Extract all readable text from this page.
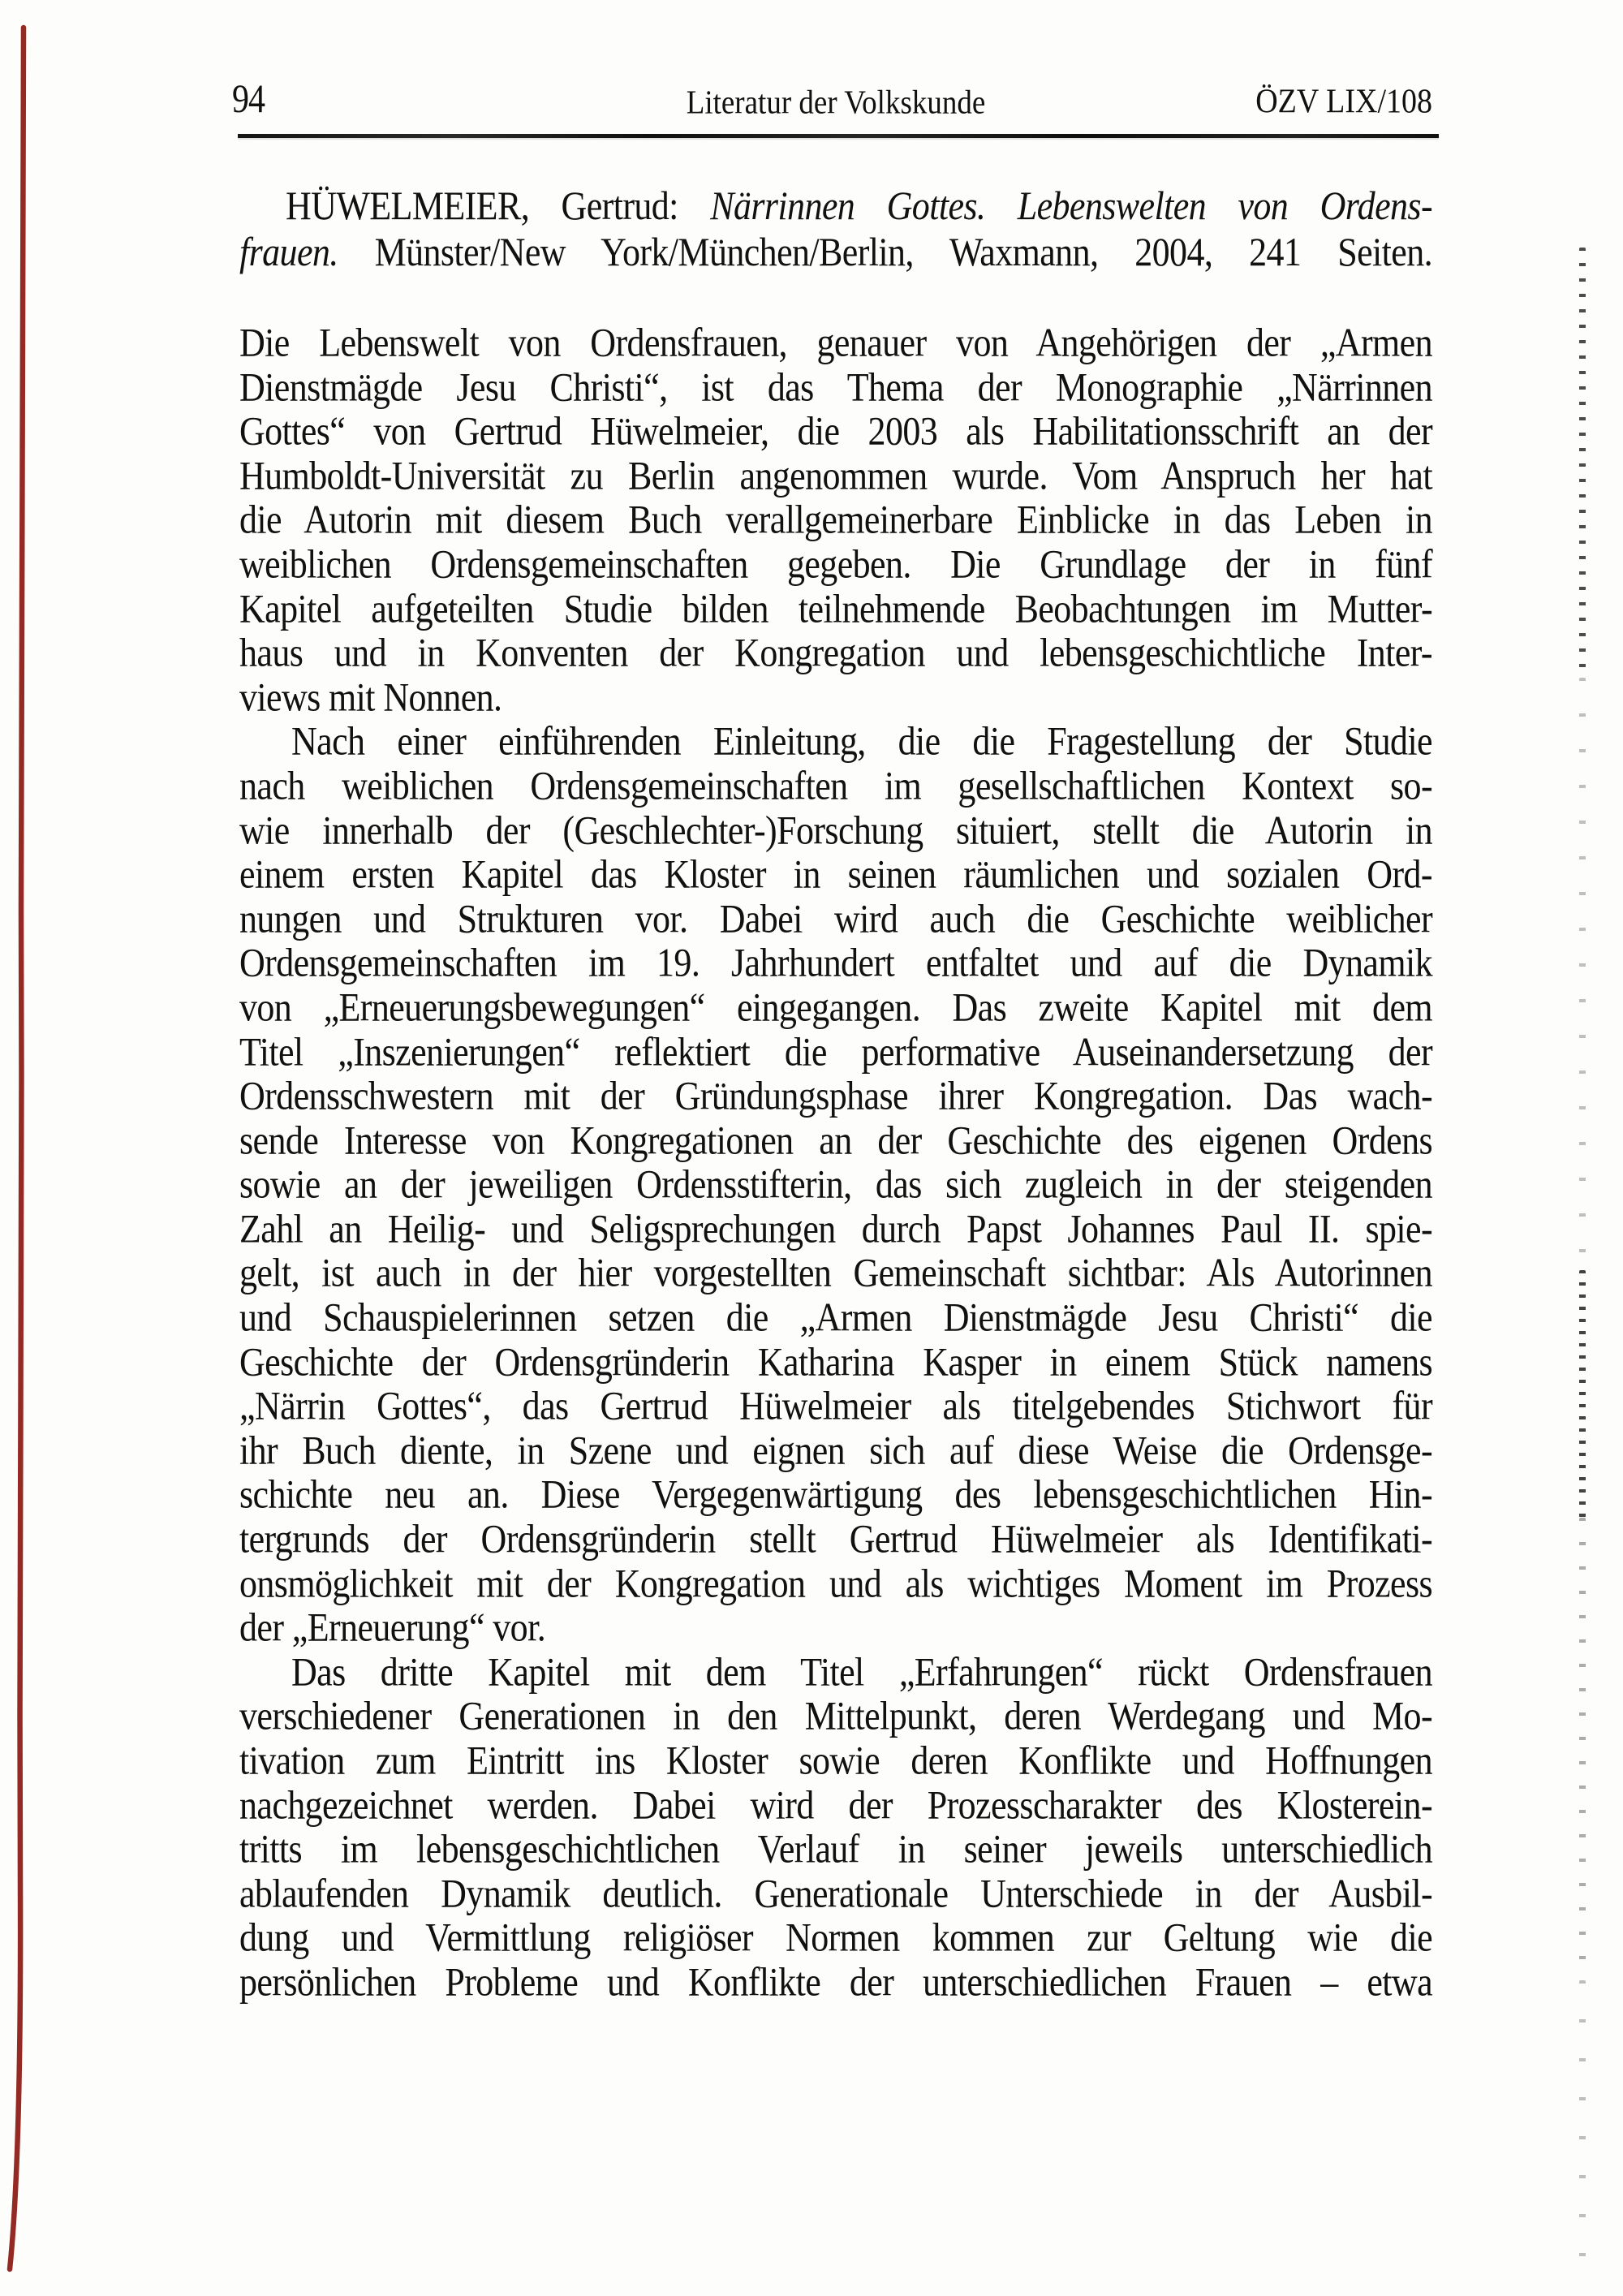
94	Literatur der Volkskunde	ÖZV LIX/108
HÜWELMEIER, Gertrud: Närrinnen Gottes. Lebenswelten von Ordens-
frauen. Münster/New York/München/Berlin, Waxmann, 2004, 241 Seiten.
Die Lebenswelt von Ordensfrauen, genauer von Angehörigen der „Armen
Dienstmägde Jesu Christi“, ist das Thema der Monographie „Närrinnen
Gottes“ von Gertrud Hüwelmeier, die 2003 als Habilitationsschrift an der
Humboldt-Universität zu Berlin angenommen wurde. Vom Anspruch her hat
die Autorin mit diesem Buch verallgemeinerbare Einblicke in das Leben in
weiblichen Ordensgemeinschaften gegeben. Die Grundlage der in fünf
Kapitel aufgeteilten Studie bilden teilnehmende Beobachtungen im Mutter-
haus und in Konventen der Kongregation und lebensgeschichtliche Inter-
views mit Nonnen.
Nach einer einführenden Einleitung, die die Fragestellung der Studie
nach weiblichen Ordensgemeinschaften im gesellschaftlichen Kontext so-
wie innerhalb der (Geschlechter-)Forschung situiert, stellt die Autorin in
einem ersten Kapitel das Kloster in seinen räumlichen und sozialen Ord-
nungen und Strukturen vor. Dabei wird auch die Geschichte weiblicher
Ordensgemeinschaften im 19. Jahrhundert entfaltet und auf die Dynamik
von „Erneuerungsbewegungen“ eingegangen. Das zweite Kapitel mit dem
Titel „Inszenierungen“ reflektiert die performative Auseinandersetzung der
Ordensschwestern mit der Gründungsphase ihrer Kongregation. Das wach-
sende Interesse von Kongregationen an der Geschichte des eigenen Ordens
sowie an der jeweiligen Ordensstifterin, das sich zugleich in der steigenden
Zahl an Heilig- und Seligsprechungen durch Papst Johannes Paul II. spie-
gelt, ist auch in der hier vorgestellten Gemeinschaft sichtbar: Als Autorinnen
und Schauspielerinnen setzen die „Armen Dienstmägde Jesu Christi“ die
Geschichte der Ordensgründerin Katharina Kasper in einem Stück namens
„Närrin Gottes“, das Gertrud Hüwelmeier als titelgebendes Stichwort für
ihr Buch diente, in Szene und eignen sich auf diese Weise die Ordensge-
schichte neu an. Diese Vergegenwärtigung des lebensgeschichtlichen Hin-
tergrunds der Ordensgründerin stellt Gertrud Hüwelmeier als Identifikati-
onsmöglichkeit mit der Kongregation und als wichtiges Moment im Prozess
der „Erneuerung“ vor.
Das dritte Kapitel mit dem Titel „Erfahrungen“ rückt Ordensfrauen
verschiedener Generationen in den Mittelpunkt, deren Werdegang und Mo-
tivation zum Eintritt ins Kloster sowie deren Konflikte und Hoffnungen
nachgezeichnet werden. Dabei wird der Prozesscharakter des Klosterein-
tritts im lebensgeschichtlichen Verlauf in seiner jeweils unterschiedlich
ablaufenden Dynamik deutlich. Generationale Unterschiede in der Ausbil-
dung und Vermittlung religiöser Normen kommen zur Geltung wie die
persönlichen Probleme und Konflikte der unterschiedlichen Frauen – etwa
